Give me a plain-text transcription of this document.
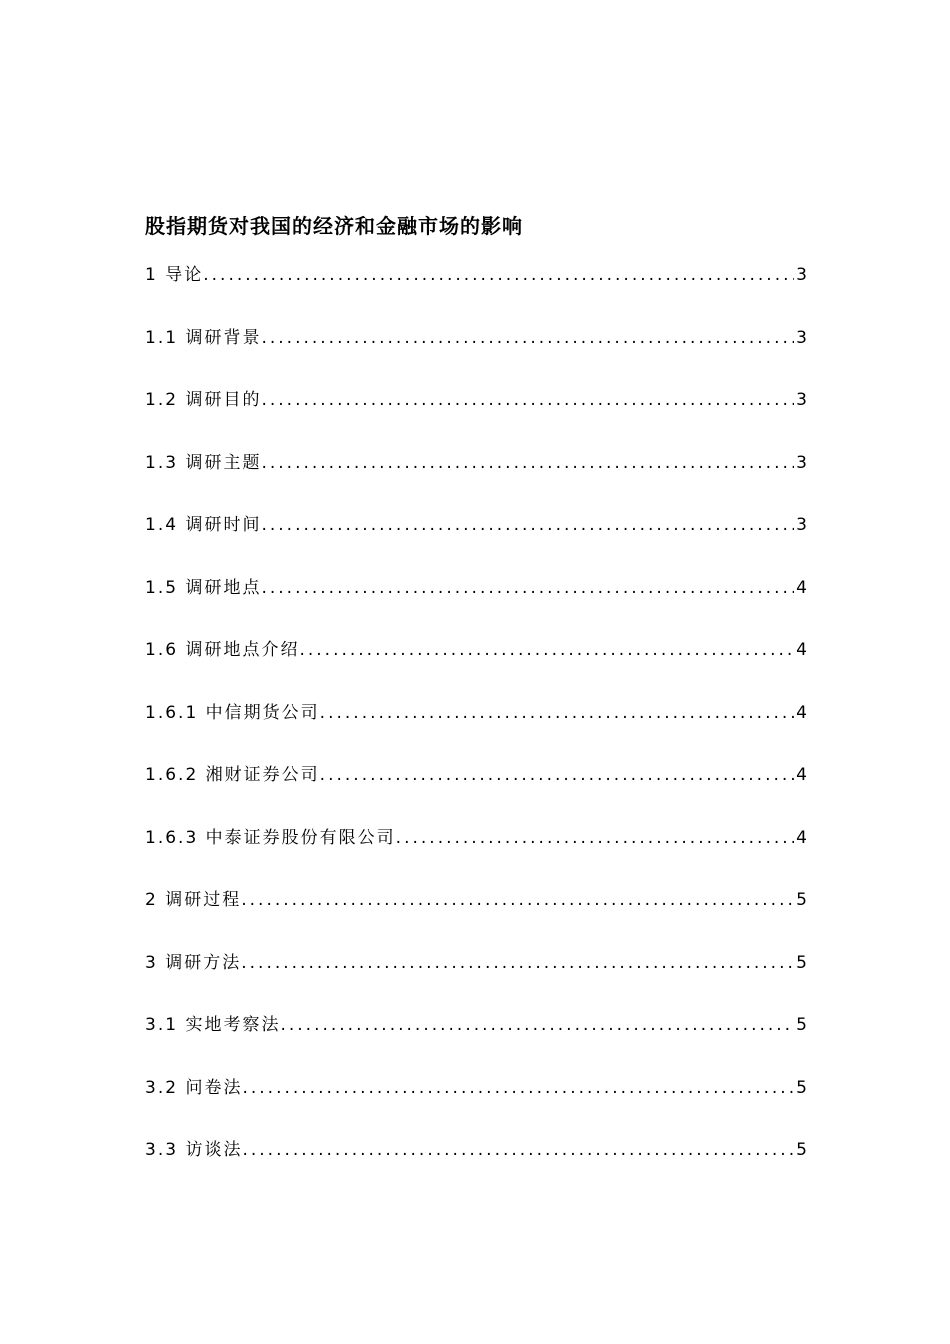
股指期货对我国的经济和金融市场的影响
1 导论 .....	3
1.1 调研背景 .....	3
1.2 调研目的 .....	3
1.3 调研主题 .....	3
1.4 调研时间 .....	3
1.5 调研地点 .....	4
1.6 调研地点介绍 .....	4
1.6.1 中信期货公司 .....	4
1.6.2 湘财证券公司 .....	4
1.6.3 中泰证券股份有限公司 .....	4
2 调研过程 .....	5
3 调研方法 .....	5
3.1 实地考察法 .....	5
3.2 问卷法 .....	5
3.3 访谈法 .....	5
